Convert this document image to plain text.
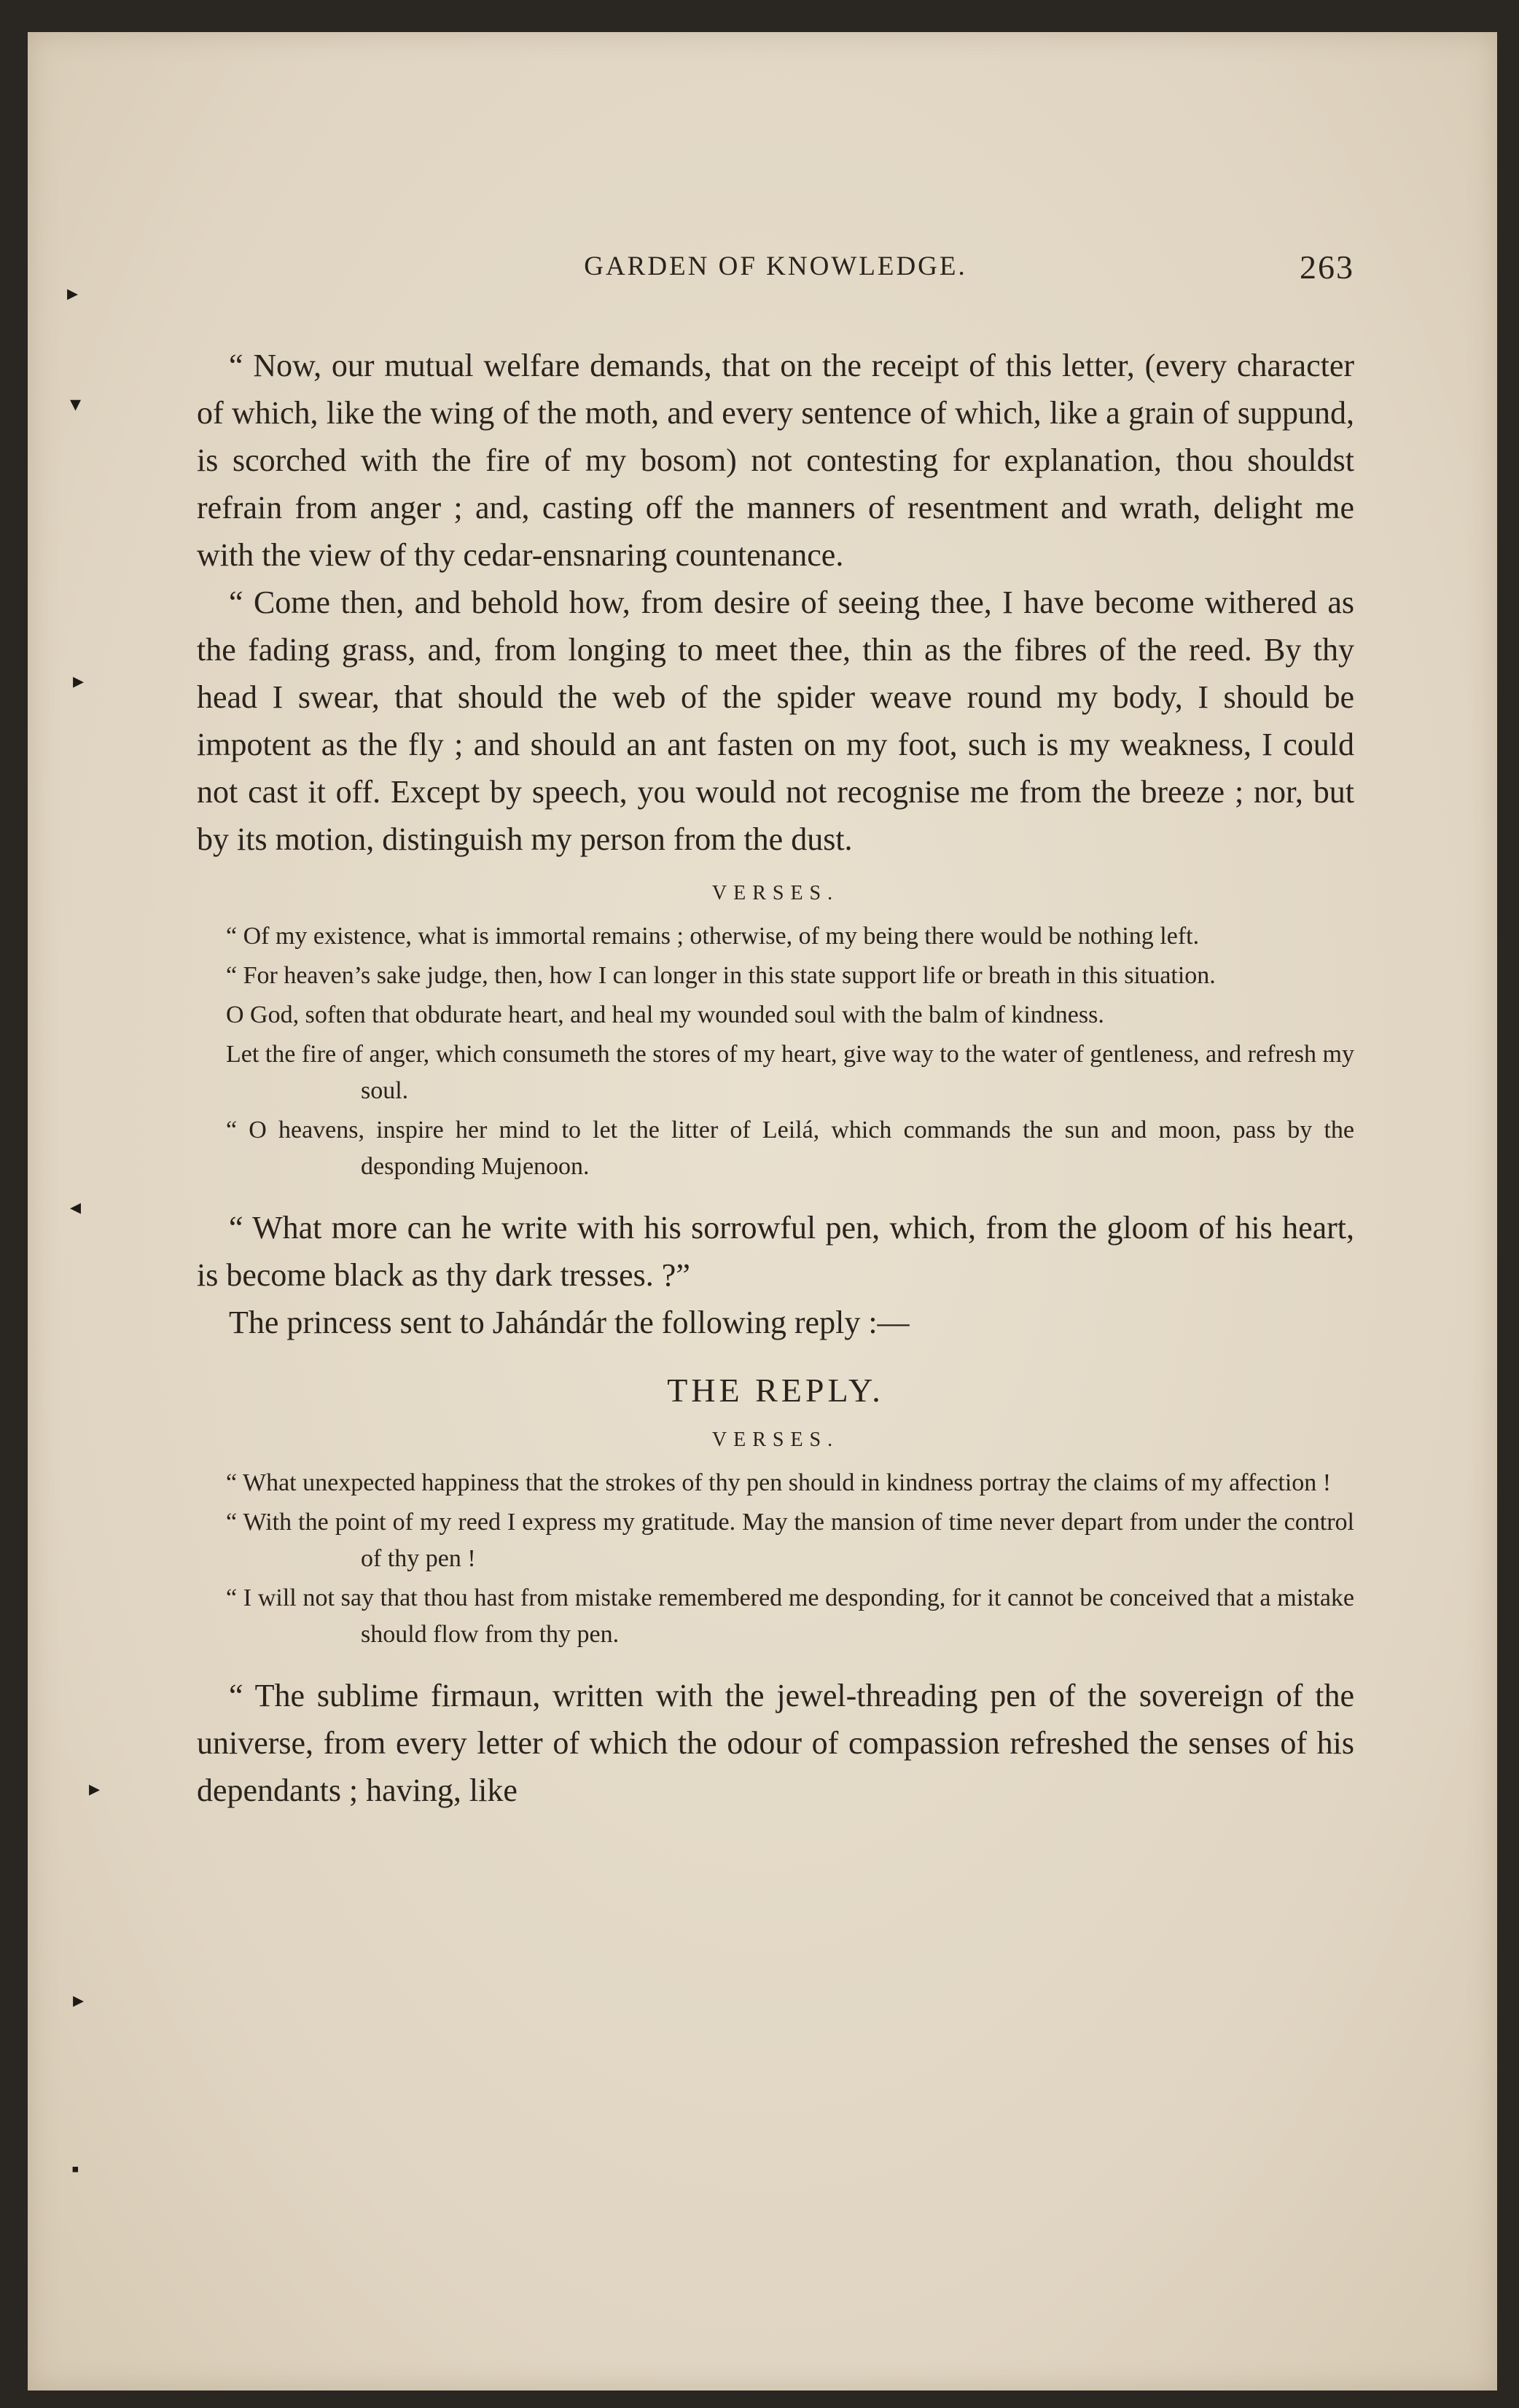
▸
▾
▸
◂
▸
▸
▪
GARDEN OF KNOWLEDGE.	263

“ Now, our mutual welfare demands, that on the receipt of this letter, (every character of which, like the wing of the moth, and every sentence of which, like a grain of suppund, is scorched with the fire of my bosom) not contesting for explanation, thou shouldst refrain from anger ; and, casting off the manners of resentment and wrath, delight me with the view of thy cedar-ensnaring countenance.

“ Come then, and behold how, from desire of seeing thee, I have become withered as the fading grass, and, from longing to meet thee, thin as the fibres of the reed. By thy head I swear, that should the web of the spider weave round my body, I should be impotent as the fly ; and should an ant fasten on my foot, such is my weakness, I could not cast it off. Except by speech, you would not recognise me from the breeze ; nor, but by its motion, distinguish my person from the dust.

VERSES.

“ Of my existence, what is immortal remains ; otherwise, of my being there would be nothing left.

“ For heaven’s sake judge, then, how I can longer in this state support life or breath in this situation.

O God, soften that obdurate heart, and heal my wounded soul with the balm of kindness.

Let the fire of anger, which consumeth the stores of my heart, give way to the water of gentleness, and refresh my soul.

“ O heavens, inspire her mind to let the litter of Leilá, which commands the sun and moon, pass by the desponding Mujenoon.

“ What more can he write with his sorrowful pen, which, from the gloom of his heart, is become black as thy dark tresses. ?”

The princess sent to Jahándár the following reply :—

THE REPLY.
VERSES.

“ What unexpected happiness that the strokes of thy pen should in kindness portray the claims of my affection !

“ With the point of my reed I express my gratitude. May the mansion of time never depart from under the control of thy pen !

“ I will not say that thou hast from mistake remembered me desponding, for it cannot be conceived that a mistake should flow from thy pen.

“ The sublime firmaun, written with the jewel-threading pen of the sovereign of the universe, from every letter of which the odour of compassion refreshed the senses of his dependants ; having, like
